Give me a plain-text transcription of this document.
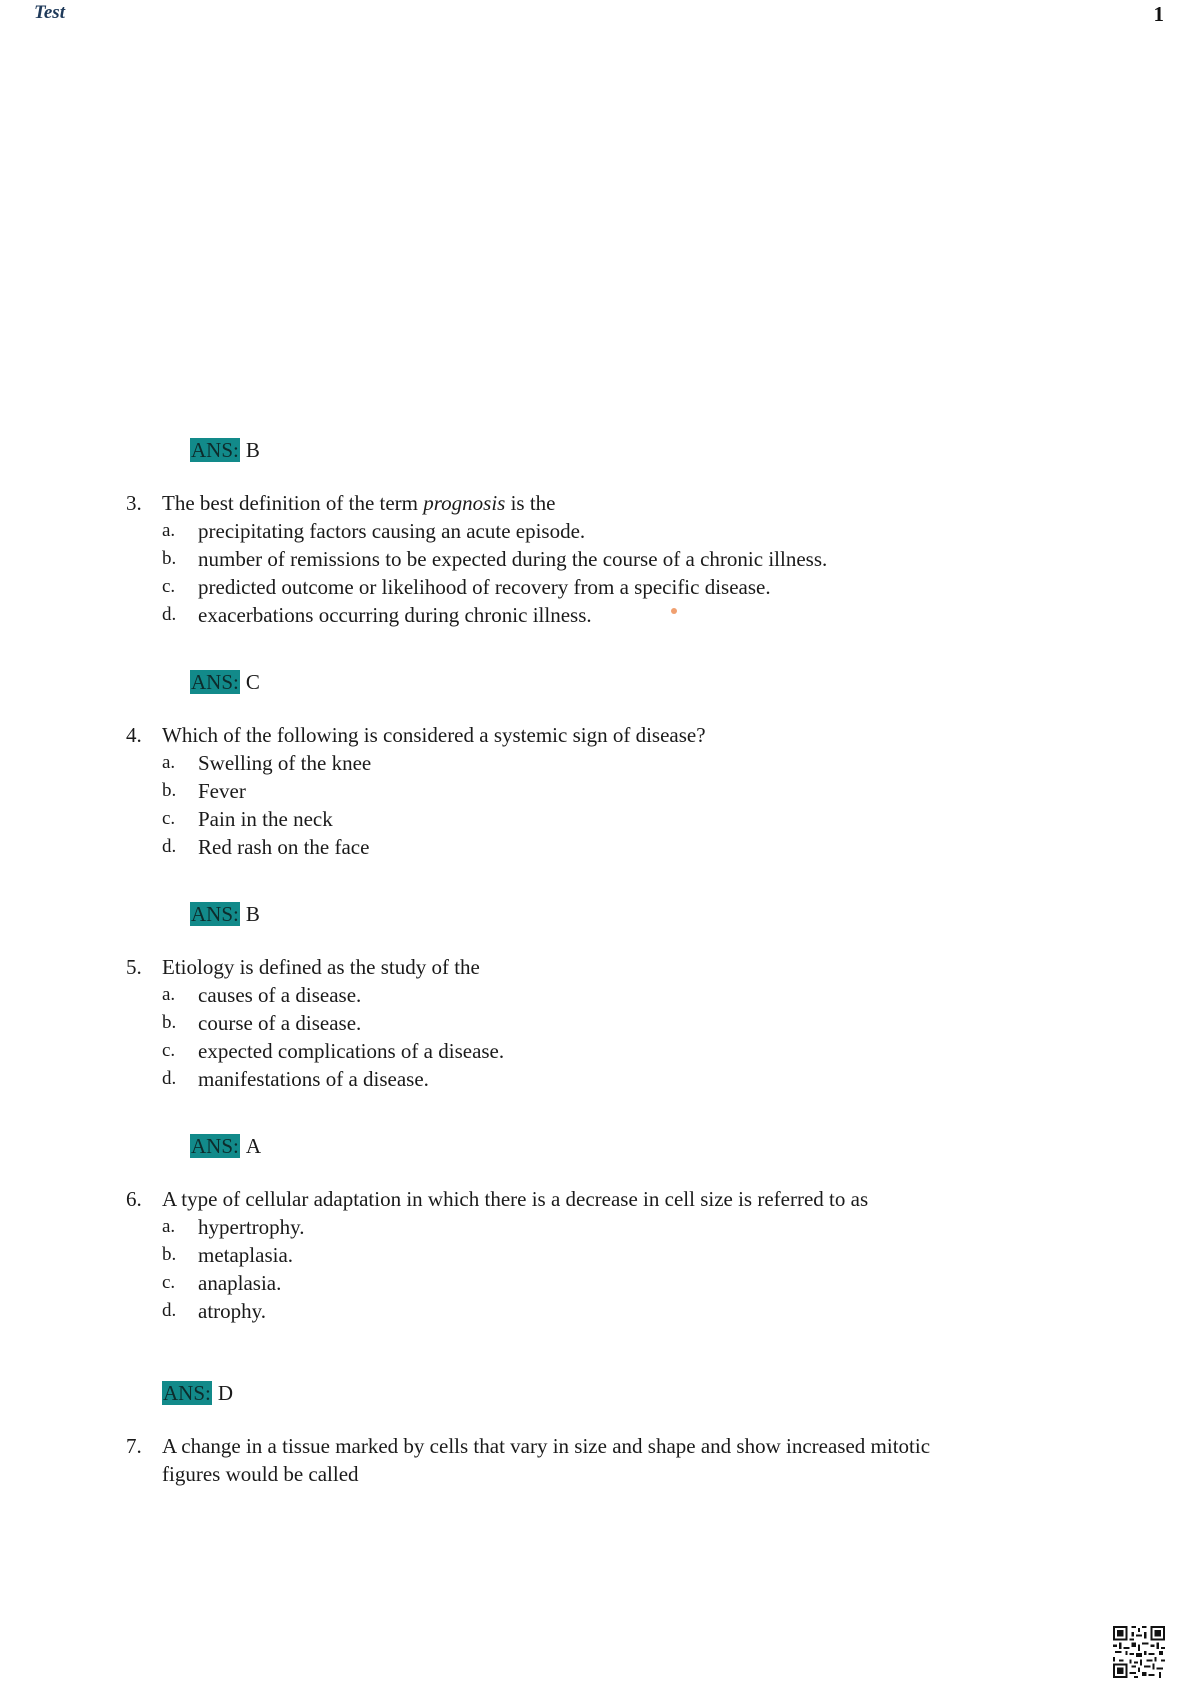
Test	1
ANS: B
3. The best definition of the term prognosis is the
a. precipitating factors causing an acute episode.
b. number of remissions to be expected during the course of a chronic illness.
c. predicted outcome or likelihood of recovery from a specific disease.
d. exacerbations occurring during chronic illness.
ANS: C
4. Which of the following is considered a systemic sign of disease?
a. Swelling of the knee
b. Fever
c. Pain in the neck
d. Red rash on the face
ANS: B
5. Etiology is defined as the study of the
a. causes of a disease.
b. course of a disease.
c. expected complications of a disease.
d. manifestations of a disease.
ANS: A
6. A type of cellular adaptation in which there is a decrease in cell size is referred to as
a. hypertrophy.
b. metaplasia.
c. anaplasia.
d. atrophy.
ANS: D
7. A change in a tissue marked by cells that vary in size and shape and show increased mitotic
figures would be called
